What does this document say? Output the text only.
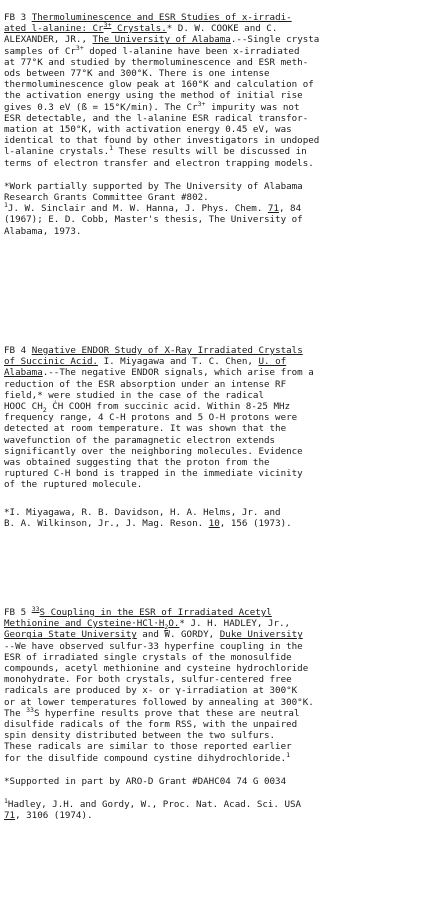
FB 3 Thermoluminescence and ESR Studies of x-irradi-
ated l-alanine: $Cr^{3+}$ Crystals.* D. W. COOKE and C.
ALEXANDER, JR., The University of Alabama.--Single crysta
samples of $Cr^{3+}$ doped l-alanine have been x-irradiated
at 77°K and studied by thermoluminescence and ESR meth-
ods between 77°K and 300°K. There is one intense
thermoluminescence glow peak at 160°K and calculation of
the activation energy using the method of initial rise
gives 0.3 eV (ß = 15°K/min). The $Cr^{3+}$ impurity was not
ESR detectable, and the l-alanine ESR radical transfor-
mation at 150°K, with activation energy 0.45 eV, was
identical to that found by other investigators in undoped
l-alanine crystals.$^1$ These results will be discussed in
terms of electron transfer and electron trapping models.
*Work partially supported by The University of Alabama
Research Grants Committee Grant #802.
$^1$J. W. Sinclair and M. W. Hanna, J. Phys. Chem. 71, 84
(1967); E. D. Cobb, Master's thesis, The University of
Alabama, 1973.
FB 4 Negative ENDOR Study of X-Ray Irradiated Crystals
of Succinic Acid. I. Miyagawa and T. C. Chen, U. of
Alabama.--The negative ENDOR signals, which arise from a
reduction of the ESR absorption under an intense RF
field,* were studied in the case of the radical
HOOC $CH_2$ ĊH COOH from succinic acid. Within 8-25 MHz
frequency range, 4 C-H protons and 5 O-H protons were
detected at room temperature. It was shown that the
wavefunction of the paramagnetic electron extends
significantly over the neighboring molecules. Evidence
was obtained suggesting that the proton from the
ruptured C-H bond is trapped in the immediate vicinity
of the ruptured molecule.
*I. Miyagawa, R. B. Davidson, H. A. Helms, Jr. and
B. A. Wilkinson, Jr., J. Mag. Reson. 10, 156 (1973).
FB 5 $^{33}$S Coupling in the ESR of Irradiated Acetyl
Methionine and $Cysteine\cdot HCl\cdot H_2O.*$ J. H. HADLEY, Jr.,
Georgia State University and W. GORDY, Duke University
--We have observed sulfur-33 hyperfine coupling in the
ESR of irradiated single crystals of the monosulfide
compounds, acetyl methionine and cysteine hydrochloride
monohydrate. For both crystals, sulfur-centered free
radicals are produced by x- or γ-irradiation at 300°K
or at lower temperatures followed by annealing at 300°K.
The $^{33}$S hyperfine results prove that these are neutral
disulfide radicals of the form RSS, with the unpaired
spin density distributed between the two sulfurs.
These radicals are similar to those reported earlier
for the disulfide compound cystine dihydrochloride.$^1$
*Supported in part by ARO-D Grant #DAHC04 74 G 0034
$^1$Hadley, J.H. and Gordy, W., Proc. Nat. Acad. Sci. USA
71, 3106 (1974).
